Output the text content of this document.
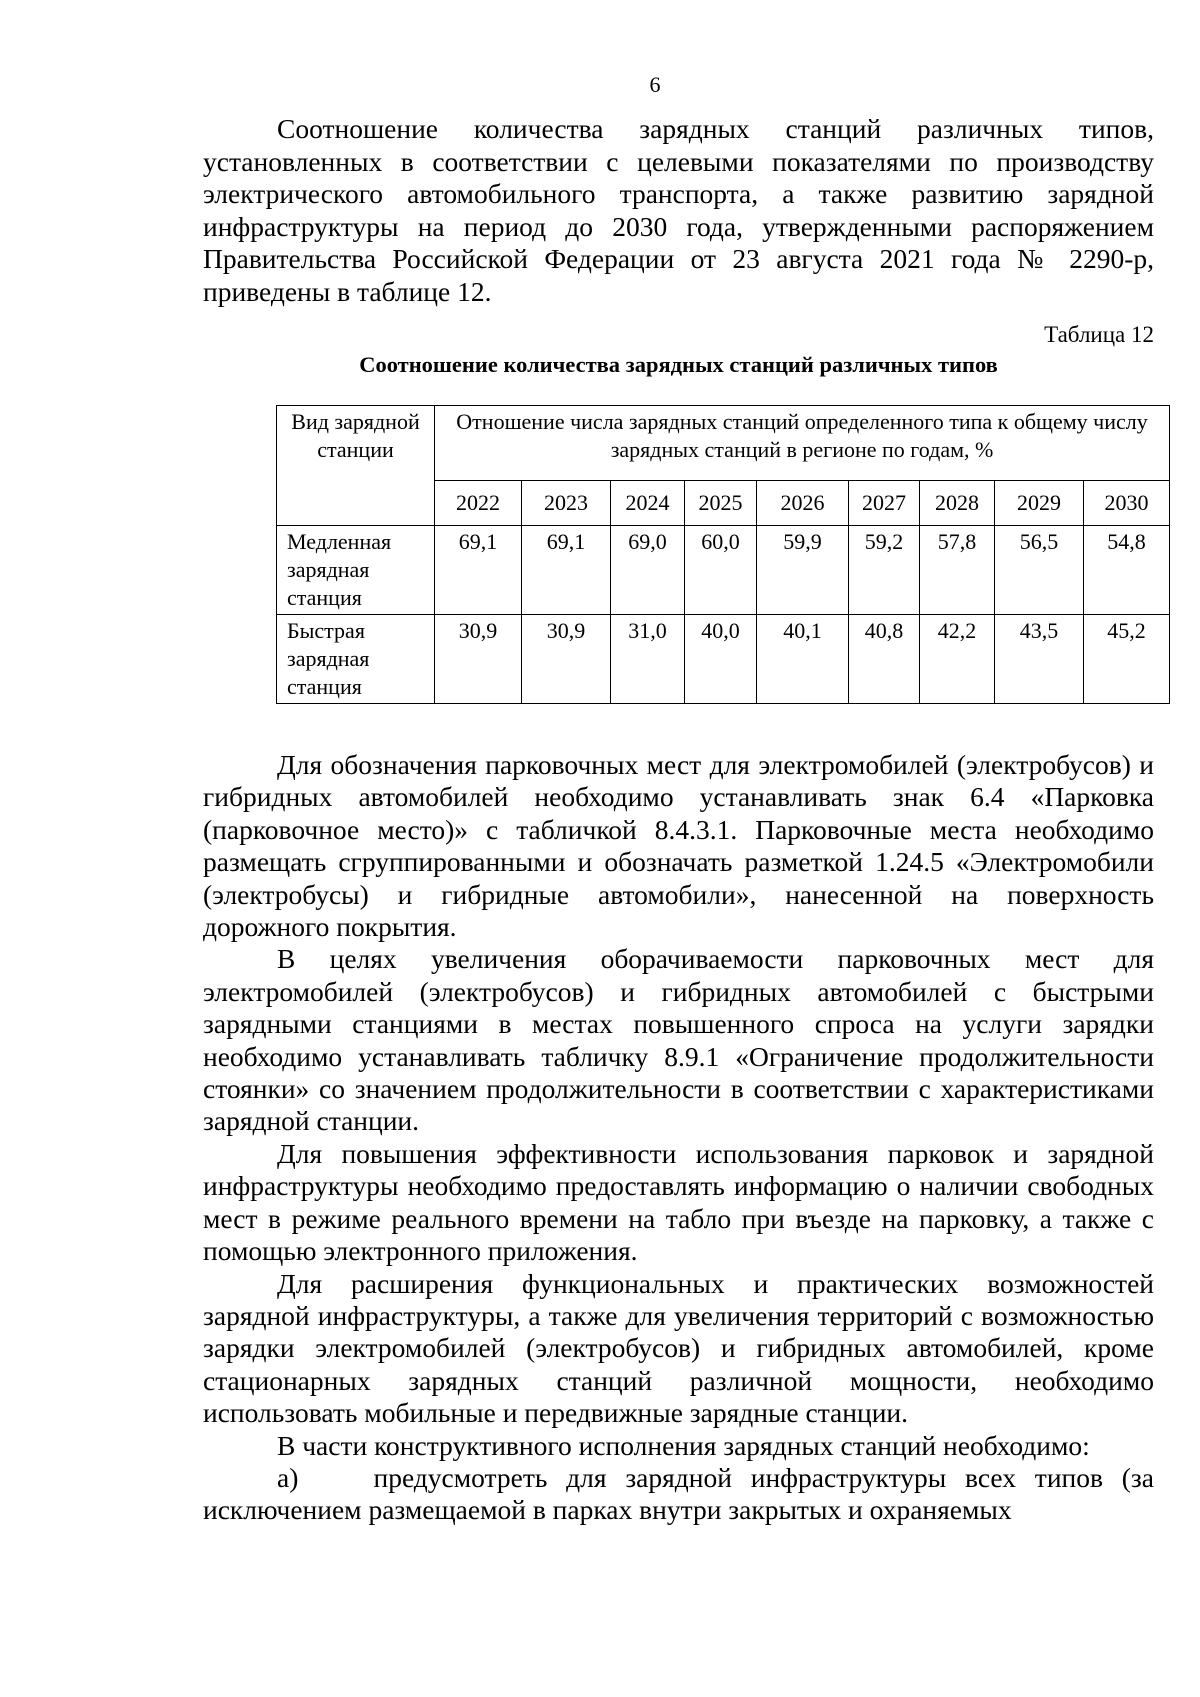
6

Соотношение количества зарядных станций различных типов, установленных в соответствии с целевыми показателями по производству электрического автомобильного транспорта, а также развитию зарядной инфраструктуры на период до 2030 года, утвержденными распоряжением Правительства Российской Федерации от 23 августа 2021 года № 2290-р, приведены в таблице 12.

Таблица 12
Соотношение количества зарядных станций различных типов
Вид зарядной станции	Отношение числа зарядных станций определенного типа к общему числу зарядных станций в регионе по годам, %								
	2022	2023	2024	2025	2026	2027	2028	2029	2030
Медленная зарядная станция	69,1	69,1	69,0	60,0	59,9	59,2	57,8	56,5	54,8
Быстрая зарядная станция	30,9	30,9	31,0	40,0	40,1	40,8	42,2	43,5	45,2

Для обозначения парковочных мест для электромобилей (электробусов) и гибридных автомобилей необходимо устанавливать знак 6.4 «Парковка (парковочное место)» с табличкой 8.4.3.1. Парковочные места необходимо размещать сгруппированными и обозначать разметкой 1.24.5 «Электромобили (электробусы) и гибридные автомобили», нанесенной на поверхность дорожного покрытия.

В целях увеличения оборачиваемости парковочных мест для электромобилей (электробусов) и гибридных автомобилей с быстрыми зарядными станциями в местах повышенного спроса на услуги зарядки необходимо устанавливать табличку 8.9.1 «Ограничение продолжительности стоянки» со значением продолжительности в соответствии с характеристиками зарядной станции.

Для повышения эффективности использования парковок и зарядной инфраструктуры необходимо предоставлять информацию о наличии свободных мест в режиме реального времени на табло при въезде на парковку, а также с помощью электронного приложения.

Для расширения функциональных и практических возможностей зарядной инфраструктуры, а также для увеличения территорий с возможностью зарядки электромобилей (электробусов) и гибридных автомобилей, кроме стационарных зарядных станций различной мощности, необходимо использовать мобильные и передвижные зарядные станции.

В части конструктивного исполнения зарядных станций необходимо:

а)    предусмотреть для зарядной инфраструктуры всех типов (за исключением размещаемой в парках внутри закрытых и охраняемых
